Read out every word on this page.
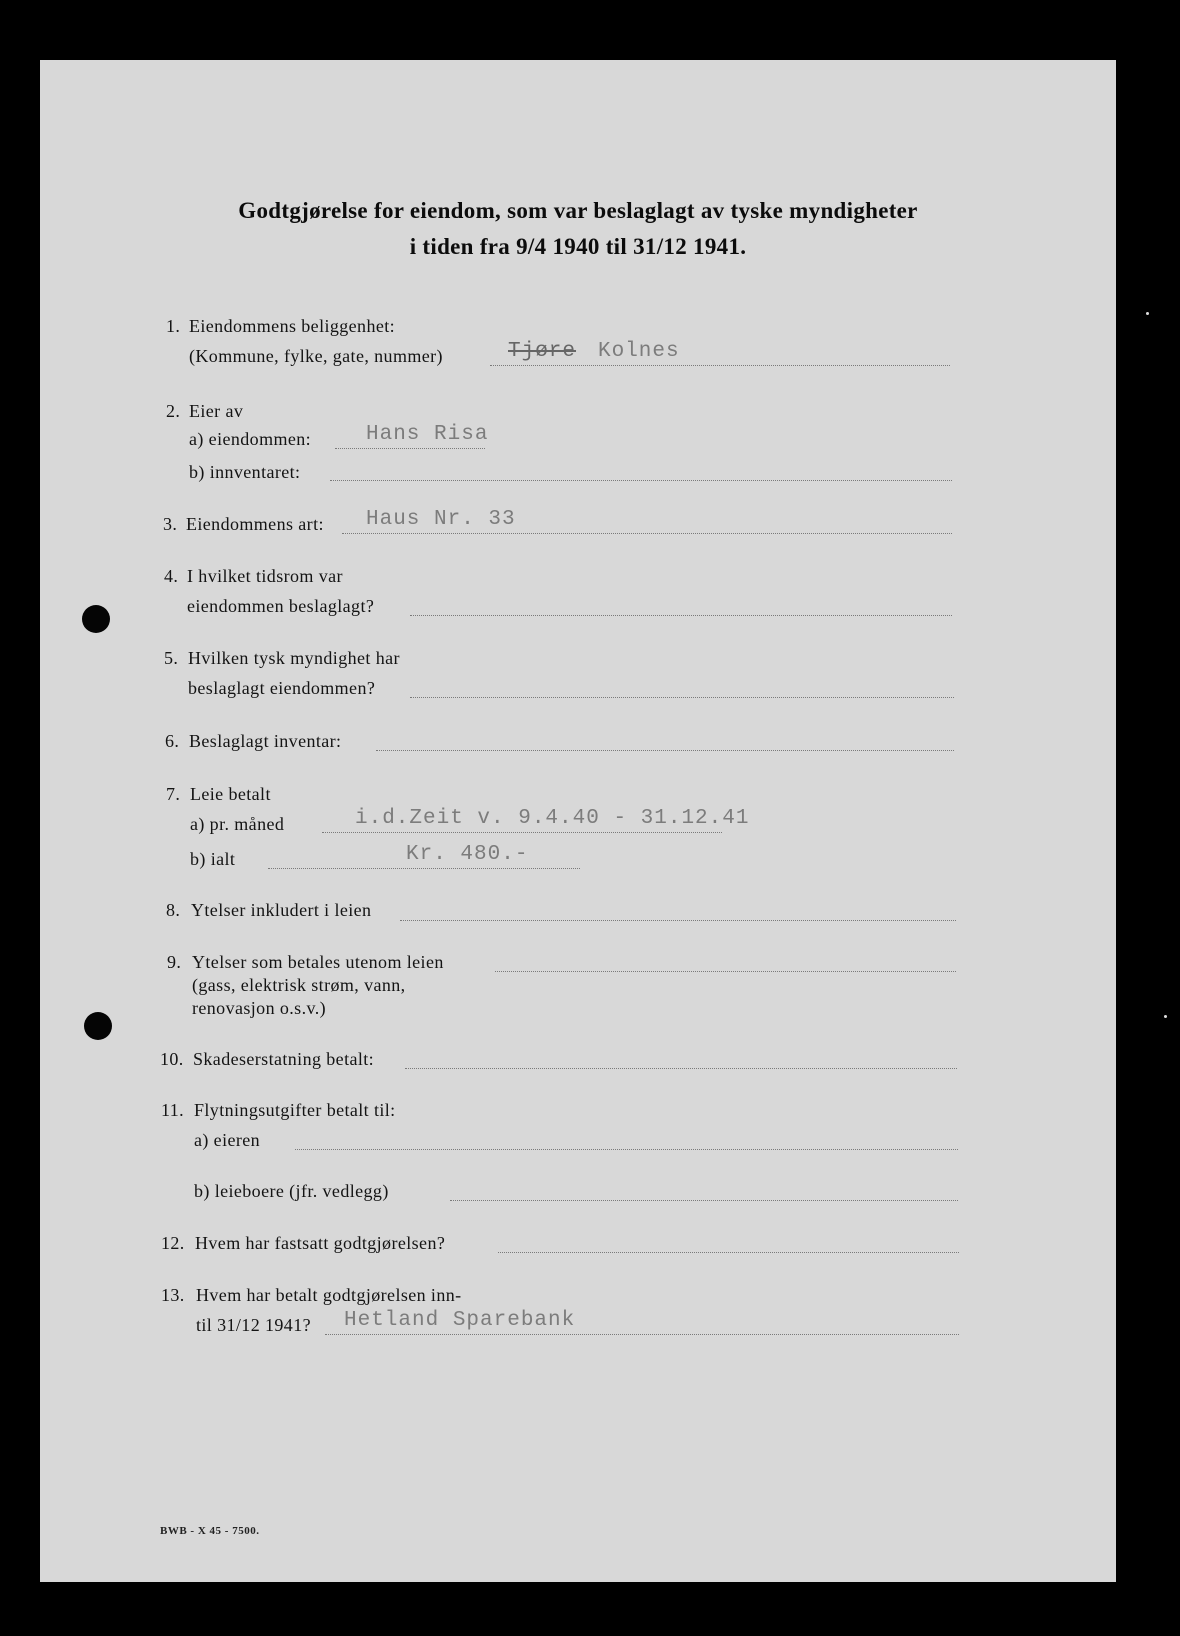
Godtgjørelse for eiendom, som var beslaglagt av tyske myndigheter

i tiden fra 9/4 1940 til 31/12 1941.

1. Eiendommens beliggenhet:
(Kommune, fylke, gate, nummer)	Tjøre Kolnes
2. Eier av
a) eiendommen:	Hans Risa
b) innventaret:
3. Eiendommens art: Haus Nr. 33
4. I hvilket tidsrom var
eiendommen beslaglagt?
5. Hvilken tysk myndighet har
beslaglagt eiendommen?
6. Beslaglagt inventar:
7. Leie betalt
a) pr. måned	i.d.Zeit v. 9.4.40 - 31.12.41
b) ialt	Kr. 480.-
8. Ytelser inkludert i leien
9. Ytelser som betales utenom leien
(gass, elektrisk strøm, vann,
renovasjon o.s.v.)
10. Skadeserstatning betalt:
11. Flytningsutgifter betalt til:
a) eieren
b) leieboere (jfr. vedlegg)
12. Hvem har fastsatt godtgjørelsen?
13. Hvem har betalt godtgjørelsen inn-
til 31/12 1941? Hetland Sparebank
BWB - X 45 - 7500.
